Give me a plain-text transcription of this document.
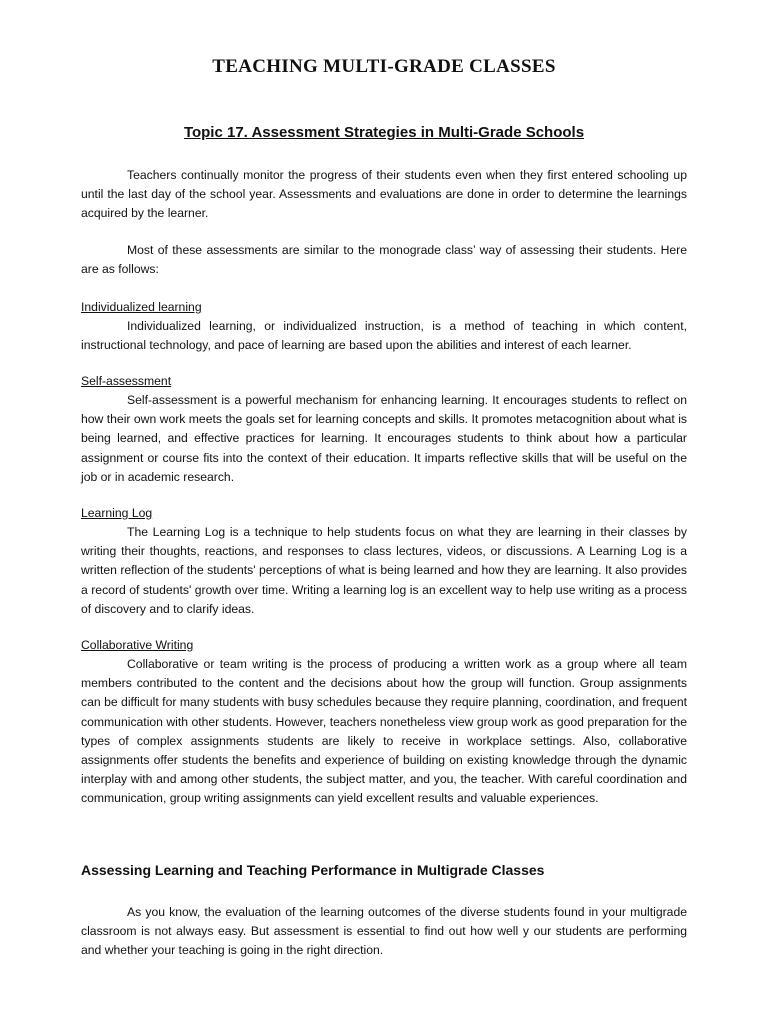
TEACHING MULTI-GRADE CLASSES
Topic 17. Assessment Strategies in Multi-Grade Schools

Teachers continually monitor the progress of their students even when they first entered schooling up until the last day of the school year. Assessments and evaluations are done in order to determine the learnings acquired by the learner.

Most of these assessments are similar to the monograde class’ way of assessing their students. Here are as follows:

Individualized learning

Individualized learning, or individualized instruction, is a method of teaching in which content, instructional technology, and pace of learning are based upon the abilities and interest of each learner.

Self-assessment

Self-assessment is a powerful mechanism for enhancing learning. It encourages students to reflect on how their own work meets the goals set for learning concepts and skills. It promotes metacognition about what is being learned, and effective practices for learning. It encourages students to think about how a particular assignment or course fits into the context of their education. It imparts reflective skills that will be useful on the job or in academic research.

Learning Log

The Learning Log is a technique to help students focus on what they are learning in their classes by writing their thoughts, reactions, and responses to class lectures, videos, or discussions. A Learning Log is a written reflection of the students' perceptions of what is being learned and how they are learning. It also provides a record of students' growth over time. Writing a learning log is an excellent way to help use writing as a process of discovery and to clarify ideas.

Collaborative Writing

Collaborative or team writing is the process of producing a written work as a group where all team members contributed to the content and the decisions about how the group will function. Group assignments can be difficult for many students with busy schedules because they require planning, coordination, and frequent communication with other students. However, teachers nonetheless view group work as good preparation for the types of complex assignments students are likely to receive in workplace settings. Also, collaborative assignments offer students the benefits and experience of building on existing knowledge through the dynamic interplay with and among other students, the subject matter, and you, the teacher. With careful coordination and communication, group writing assignments can yield excellent results and valuable experiences.

Assessing Learning and Teaching Performance in Multigrade Classes

As you know, the evaluation of the learning outcomes of the diverse students found in your multigrade classroom is not always easy. But assessment is essential to find out how well y our students are performing and whether your teaching is going in the right direction.
